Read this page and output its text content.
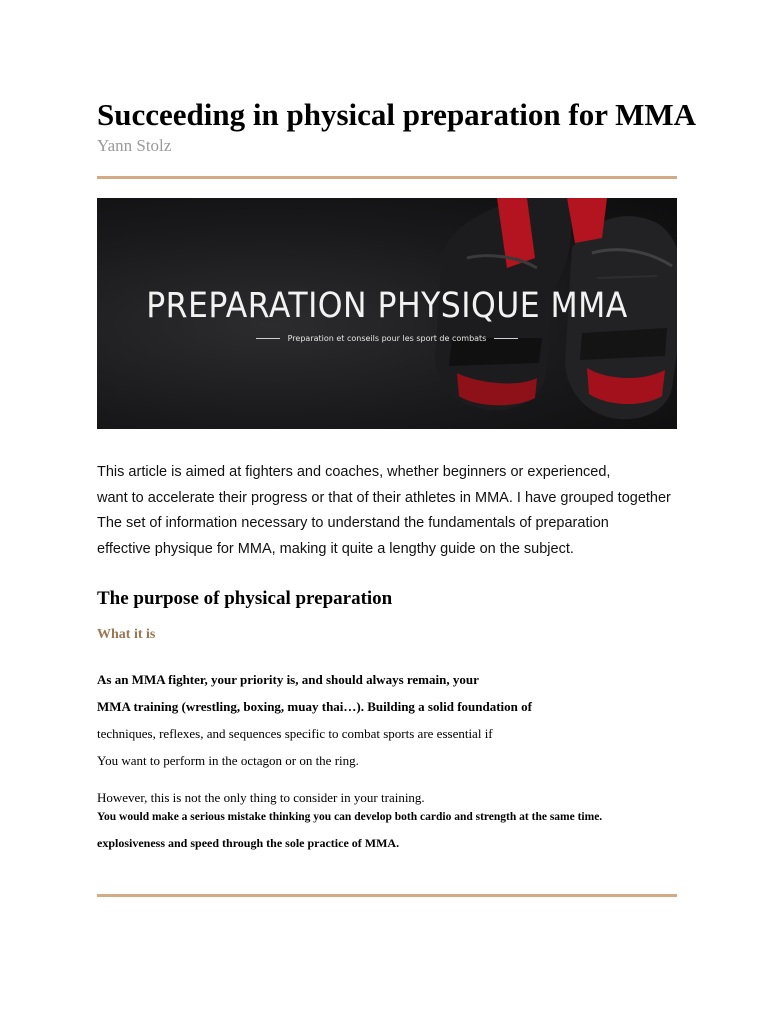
Succeeding in physical preparation for MMA
Yann Stolz
PREPARATION PHYSIQUE MMA
Preparation et conseils pour les sport de combats
This article is aimed at fighters and coaches, whether beginners or experienced,
want to accelerate their progress or that of their athletes in MMA. I have grouped together
The set of information necessary to understand the fundamentals of preparation
effective physique for MMA, making it quite a lengthy guide on the subject.
The purpose of physical preparation
What it is
As an MMA fighter, your priority is, and should always remain, your
MMA training (wrestling, boxing, muay thai…). Building a solid foundation of
techniques, reflexes, and sequences specific to combat sports are essential if
You want to perform in the octagon or on the ring.
However, this is not the only thing to consider in your training.
You would make a serious mistake thinking you can develop both cardio and strength at the same time.
explosiveness and speed through the sole practice of MMA.
